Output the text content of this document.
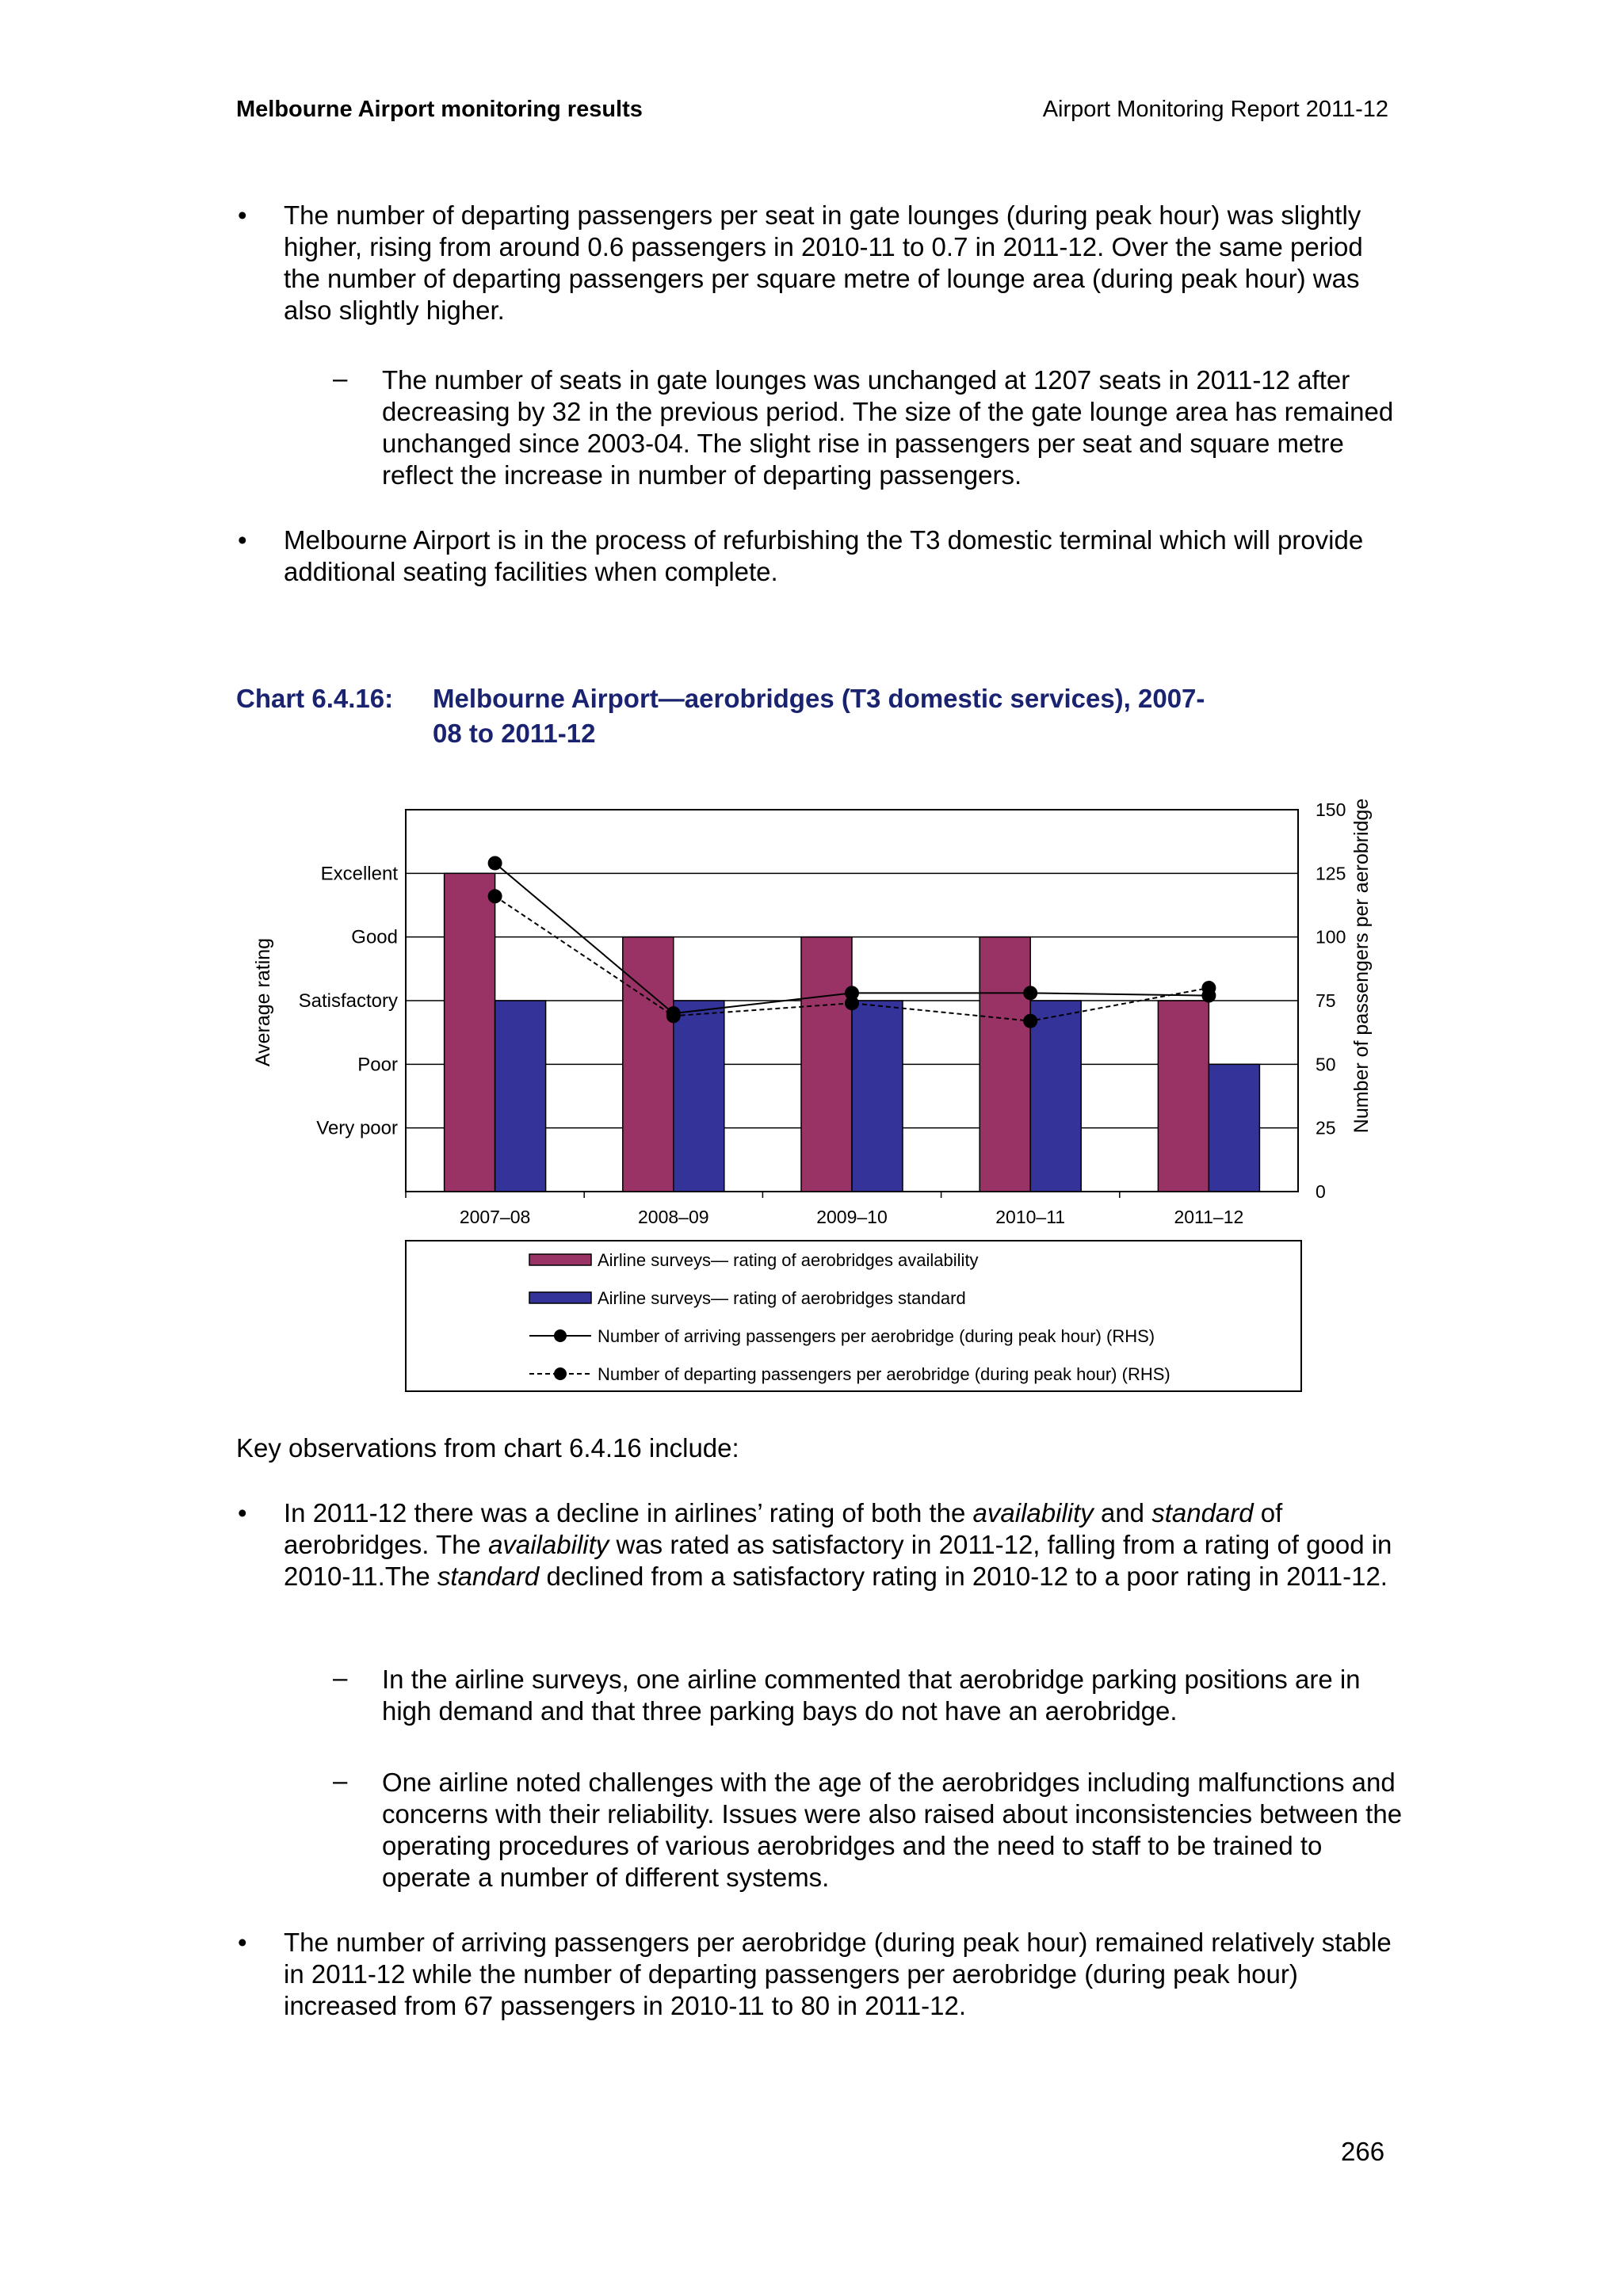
Melbourne Airport monitoring results	Airport Monitoring Report 2011-12
• The number of departing passengers per seat in gate lounges (during peak hour) was slightly higher, rising from around 0.6 passengers in 2010-11 to 0.7 in 2011-12. Over the same period the number of departing passengers per square metre of lounge area (during peak hour) was also slightly higher.
– The number of seats in gate lounges was unchanged at 1207 seats in 2011-12 after decreasing by 32 in the previous period. The size of the gate lounge area has remained unchanged since 2003-04. The slight rise in passengers per seat and square metre reflect the increase in number of departing passengers.
• Melbourne Airport is in the process of refurbishing the T3 domestic terminal which will provide additional seating facilities when complete.
Chart 6.4.16: Melbourne Airport—aerobridges (T3 domestic services), 2007-08 to 2011-12
0
25
50
75
100
125
150
Very poor
Poor
Satisfactory
Good
Excellent
2007–08	2008–09	2009–10	2010–11	2011–12
Average rating	Number of passengers per aerobridge
Airline surveys— rating of aerobridges availability
Airline surveys— rating of aerobridges standard
Number of arriving passengers per aerobridge (during peak hour) (RHS)
Number of departing passengers per aerobridge (during peak hour) (RHS)
Key observations from chart 6.4.16 include:
• In 2011-12 there was a decline in airlines’ rating of both the availability and standard of aerobridges. The availability was rated as satisfactory in 2011-12, falling from a rating of good in 2010-11.The standard declined from a satisfactory rating in 2010-12 to a poor rating in 2011-12.
– In the airline surveys, one airline commented that aerobridge parking positions are in high demand and that three parking bays do not have an aerobridge.
– One airline noted challenges with the age of the aerobridges including malfunctions and concerns with their reliability. Issues were also raised about inconsistencies between the operating procedures of various aerobridges and the need to staff to be trained to operate a number of different systems.
• The number of arriving passengers per aerobridge (during peak hour) remained relatively stable in 2011-12 while the number of departing passengers per aerobridge (during peak hour) increased from 67 passengers in 2010-11 to 80 in 2011-12.
266
